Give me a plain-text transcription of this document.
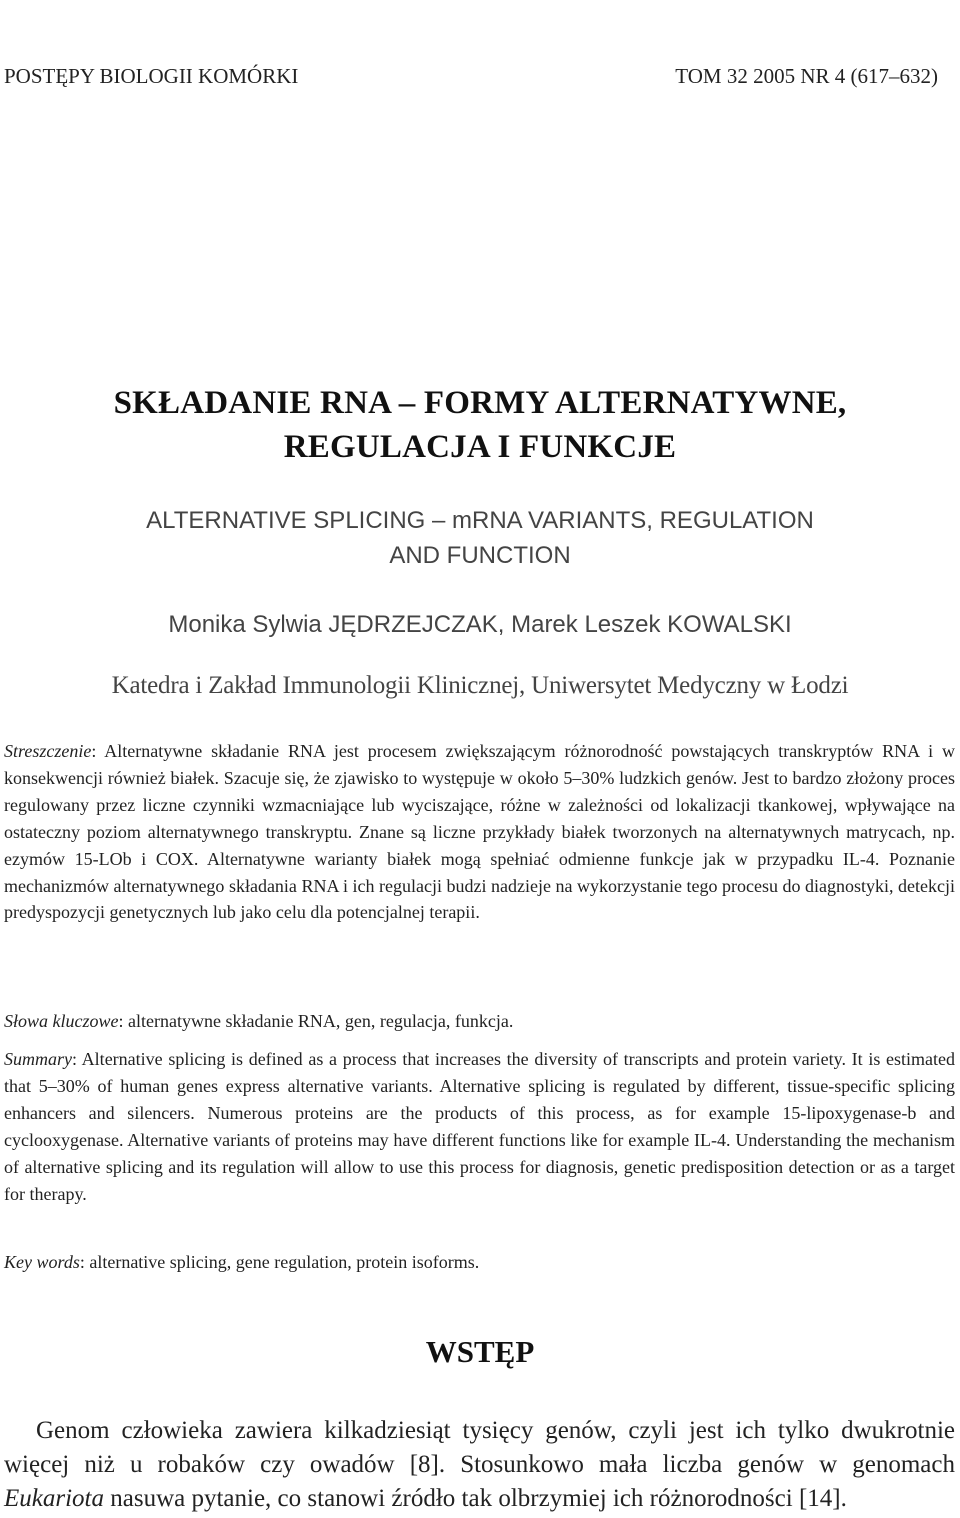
POSTĘPY BIOLOGII KOMÓRKI	TOM 32 2005 NR 4 (617–632)
SKŁADANIE RNA – FORMY ALTERNATYWNE,
REGULACJA I FUNKCJE
ALTERNATIVE SPLICING – mRNA VARIANTS, REGULATION
AND FUNCTION
Monika Sylwia JĘDRZEJCZAK, Marek Leszek KOWALSKI
Katedra i Zakład Immunologii Klinicznej, Uniwersytet Medyczny w Łodzi

Streszczenie: Alternatywne składanie RNA jest procesem zwiększającym różnorodność powstających transkryptów RNA i w konsekwencji również białek. Szacuje się, że zjawisko to występuje w około 5–30% ludzkich genów. Jest to bardzo złożony proces regulowany przez liczne czynniki wzmacniające lub wyciszające, różne w zależności od lokalizacji tkankowej, wpływające na ostateczny poziom alternatywnego transkryptu. Znane są liczne przykłady białek tworzonych na alternatywnych matrycach, np. ezymów 15-LOb i COX. Alternatywne warianty białek mogą spełniać odmienne funkcje jak w przypadku IL-4. Poznanie mechanizmów alternatywnego składania RNA i ich regulacji budzi nadzieje na wykorzystanie tego procesu do diagnostyki, detekcji predyspozycji genetycznych lub jako celu dla potencjalnej terapii.

Słowa kluczowe: alternatywne składanie RNA, gen, regulacja, funkcja.

Summary: Alternative splicing is defined as a process that increases the diversity of transcripts and protein variety. It is estimated that 5–30% of human genes express alternative variants. Alternative splicing is regulated by different, tissue-specific splicing enhancers and silencers. Numerous proteins are the products of this process, as for example 15-lipoxygenase-b and cyclooxygenase. Alternative variants of proteins may have different functions like for example IL-4. Understanding the mechanism of alternative splicing and its regulation will allow to use this process for diagnosis, genetic predisposition detection or as a target for therapy.

Key words: alternative splicing, gene regulation, protein isoforms.

WSTĘP

Genom człowieka zawiera kilkadziesiąt tysięcy genów, czyli jest ich tylko dwukrotnie więcej niż u robaków czy owadów [8]. Stosunkowo mała liczba genów w genomach Eukariota nasuwa pytanie, co stanowi źródło tak olbrzymiej ich różnorodności [14].
